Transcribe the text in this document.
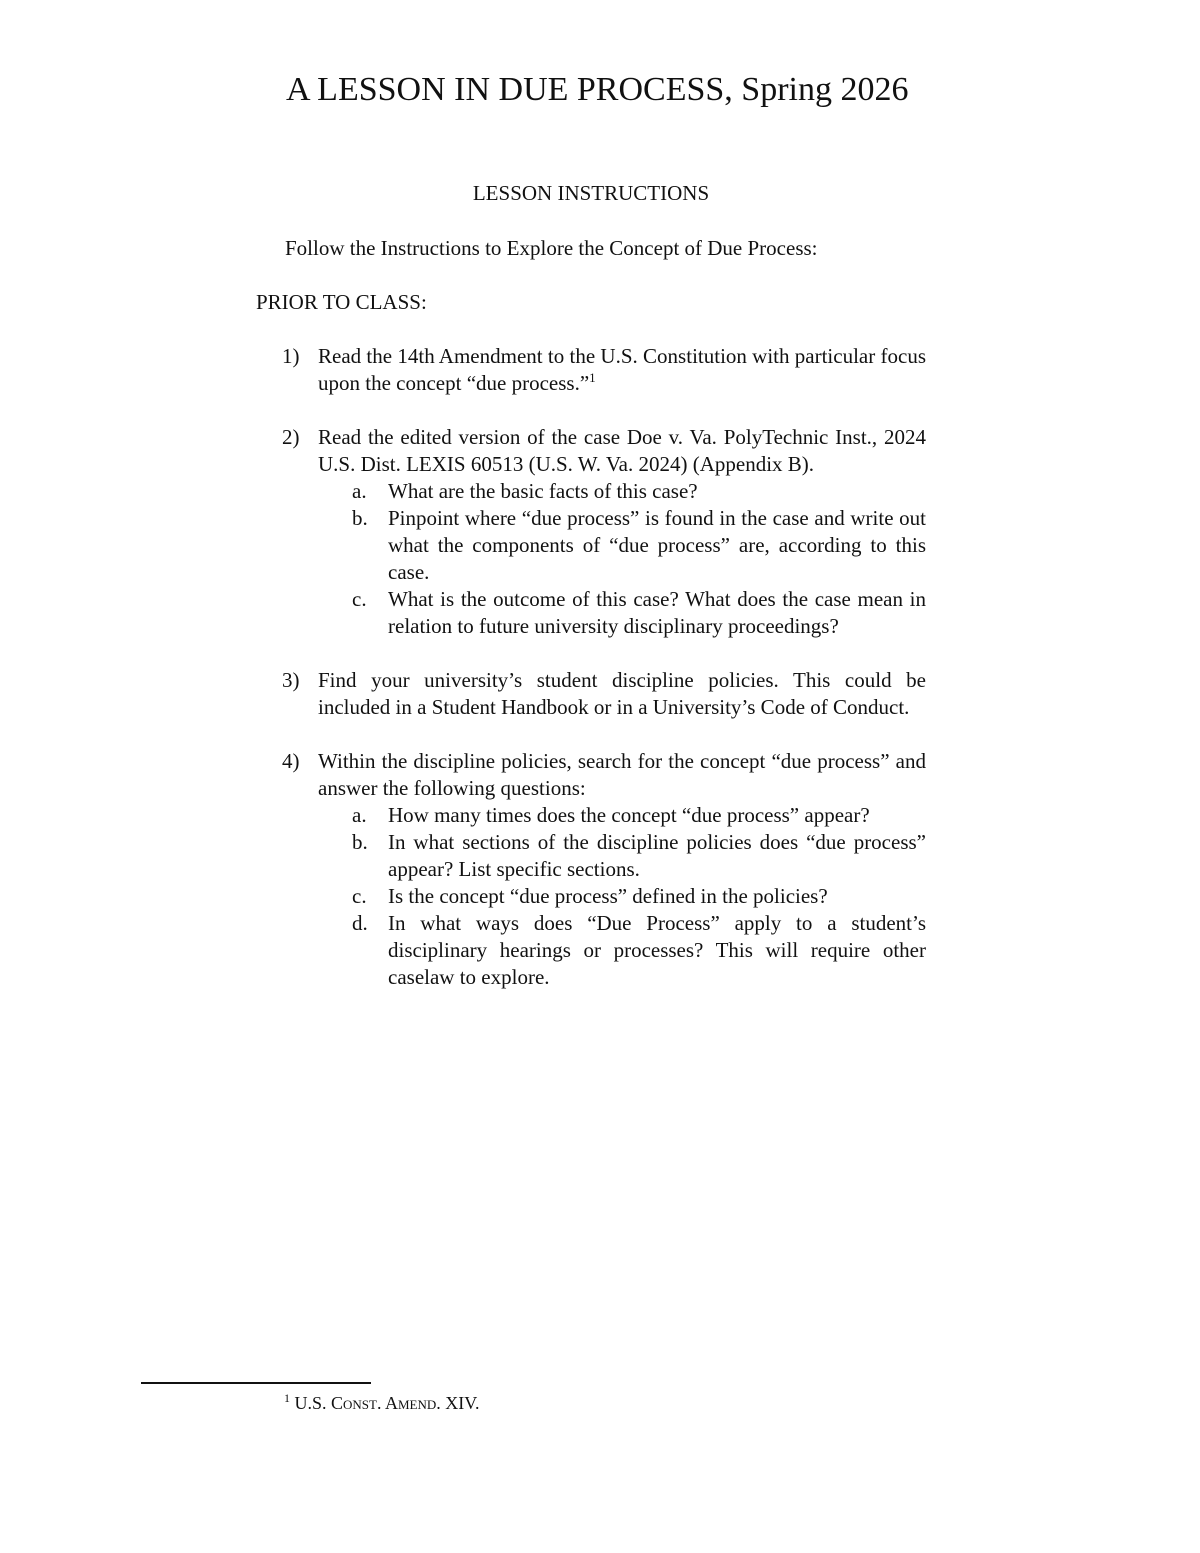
A LESSON IN DUE PROCESS, Spring 2026
LESSON INSTRUCTIONS
Follow the Instructions to Explore the Concept of Due Process:
PRIOR TO CLASS:
1) Read the 14th Amendment to the U.S. Constitution with particular focus upon the concept “due process.”$^1$
2) Read the edited version of the case Doe v. Va. PolyTechnic Inst., 2024 U.S. Dist. LEXIS 60513 (U.S. W. Va. 2024) (Appendix B).
a. What are the basic facts of this case?
b. Pinpoint where “due process” is found in the case and write out what the components of “due process” are, according to this case.
c. What is the outcome of this case? What does the case mean in relation to future university disciplinary proceedings?
3) Find your university’s student discipline policies. This could be included in a Student Handbook or in a University’s Code of Conduct.
4) Within the discipline policies, search for the concept “due process” and answer the following questions:
a. How many times does the concept “due process” appear?
b. In what sections of the discipline policies does “due process” appear? List specific sections.
c. Is the concept “due process” defined in the policies?
d. In what ways does “Due Process” apply to a student’s disciplinary hearings or processes? This will require other caselaw to explore.
$^1$ U.S. Const. Amend. XIV.
